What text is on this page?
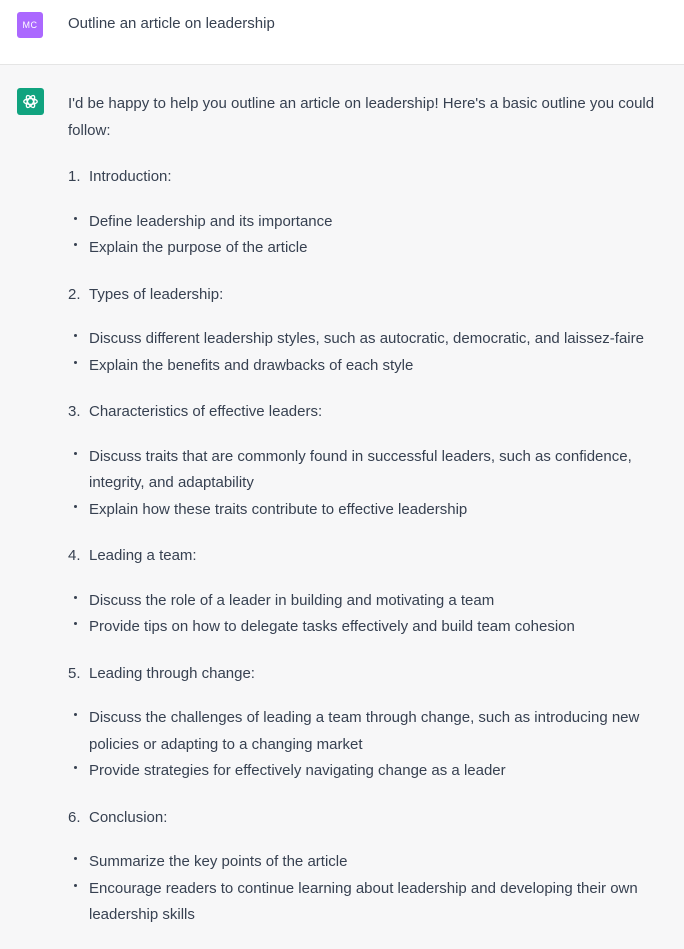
MC	Outline an article on leadership

I'd be happy to help you outline an article on leadership! Here's a basic outline you could follow:

1. Introduction:
Define leadership and its importance
Explain the purpose of the article
2. Types of leadership:
Discuss different leadership styles, such as autocratic, democratic, and laissez-faire
Explain the benefits and drawbacks of each style
3. Characteristics of effective leaders:
Discuss traits that are commonly found in successful leaders, such as confidence, integrity, and adaptability
Explain how these traits contribute to effective leadership
4. Leading a team:
Discuss the role of a leader in building and motivating a team
Provide tips on how to delegate tasks effectively and build team cohesion
5. Leading through change:
Discuss the challenges of leading a team through change, such as introducing new policies or adapting to a changing market
Provide strategies for effectively navigating change as a leader
6. Conclusion:
Summarize the key points of the article
Encourage readers to continue learning about leadership and developing their own leadership skills
